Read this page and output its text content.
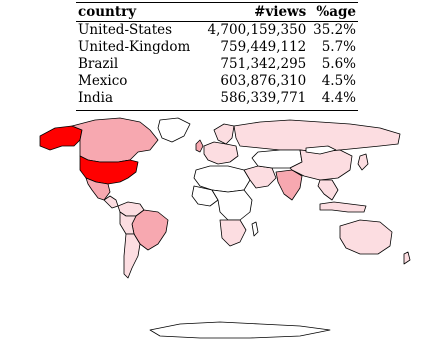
country	#views	%age
United-States	4,700,159,350	35.2%
United-Kingdom	759,449,112	5.7%
Brazil	751,342,295	5.6%
Mexico	603,876,310	4.5%
India	586,339,771	4.4%
